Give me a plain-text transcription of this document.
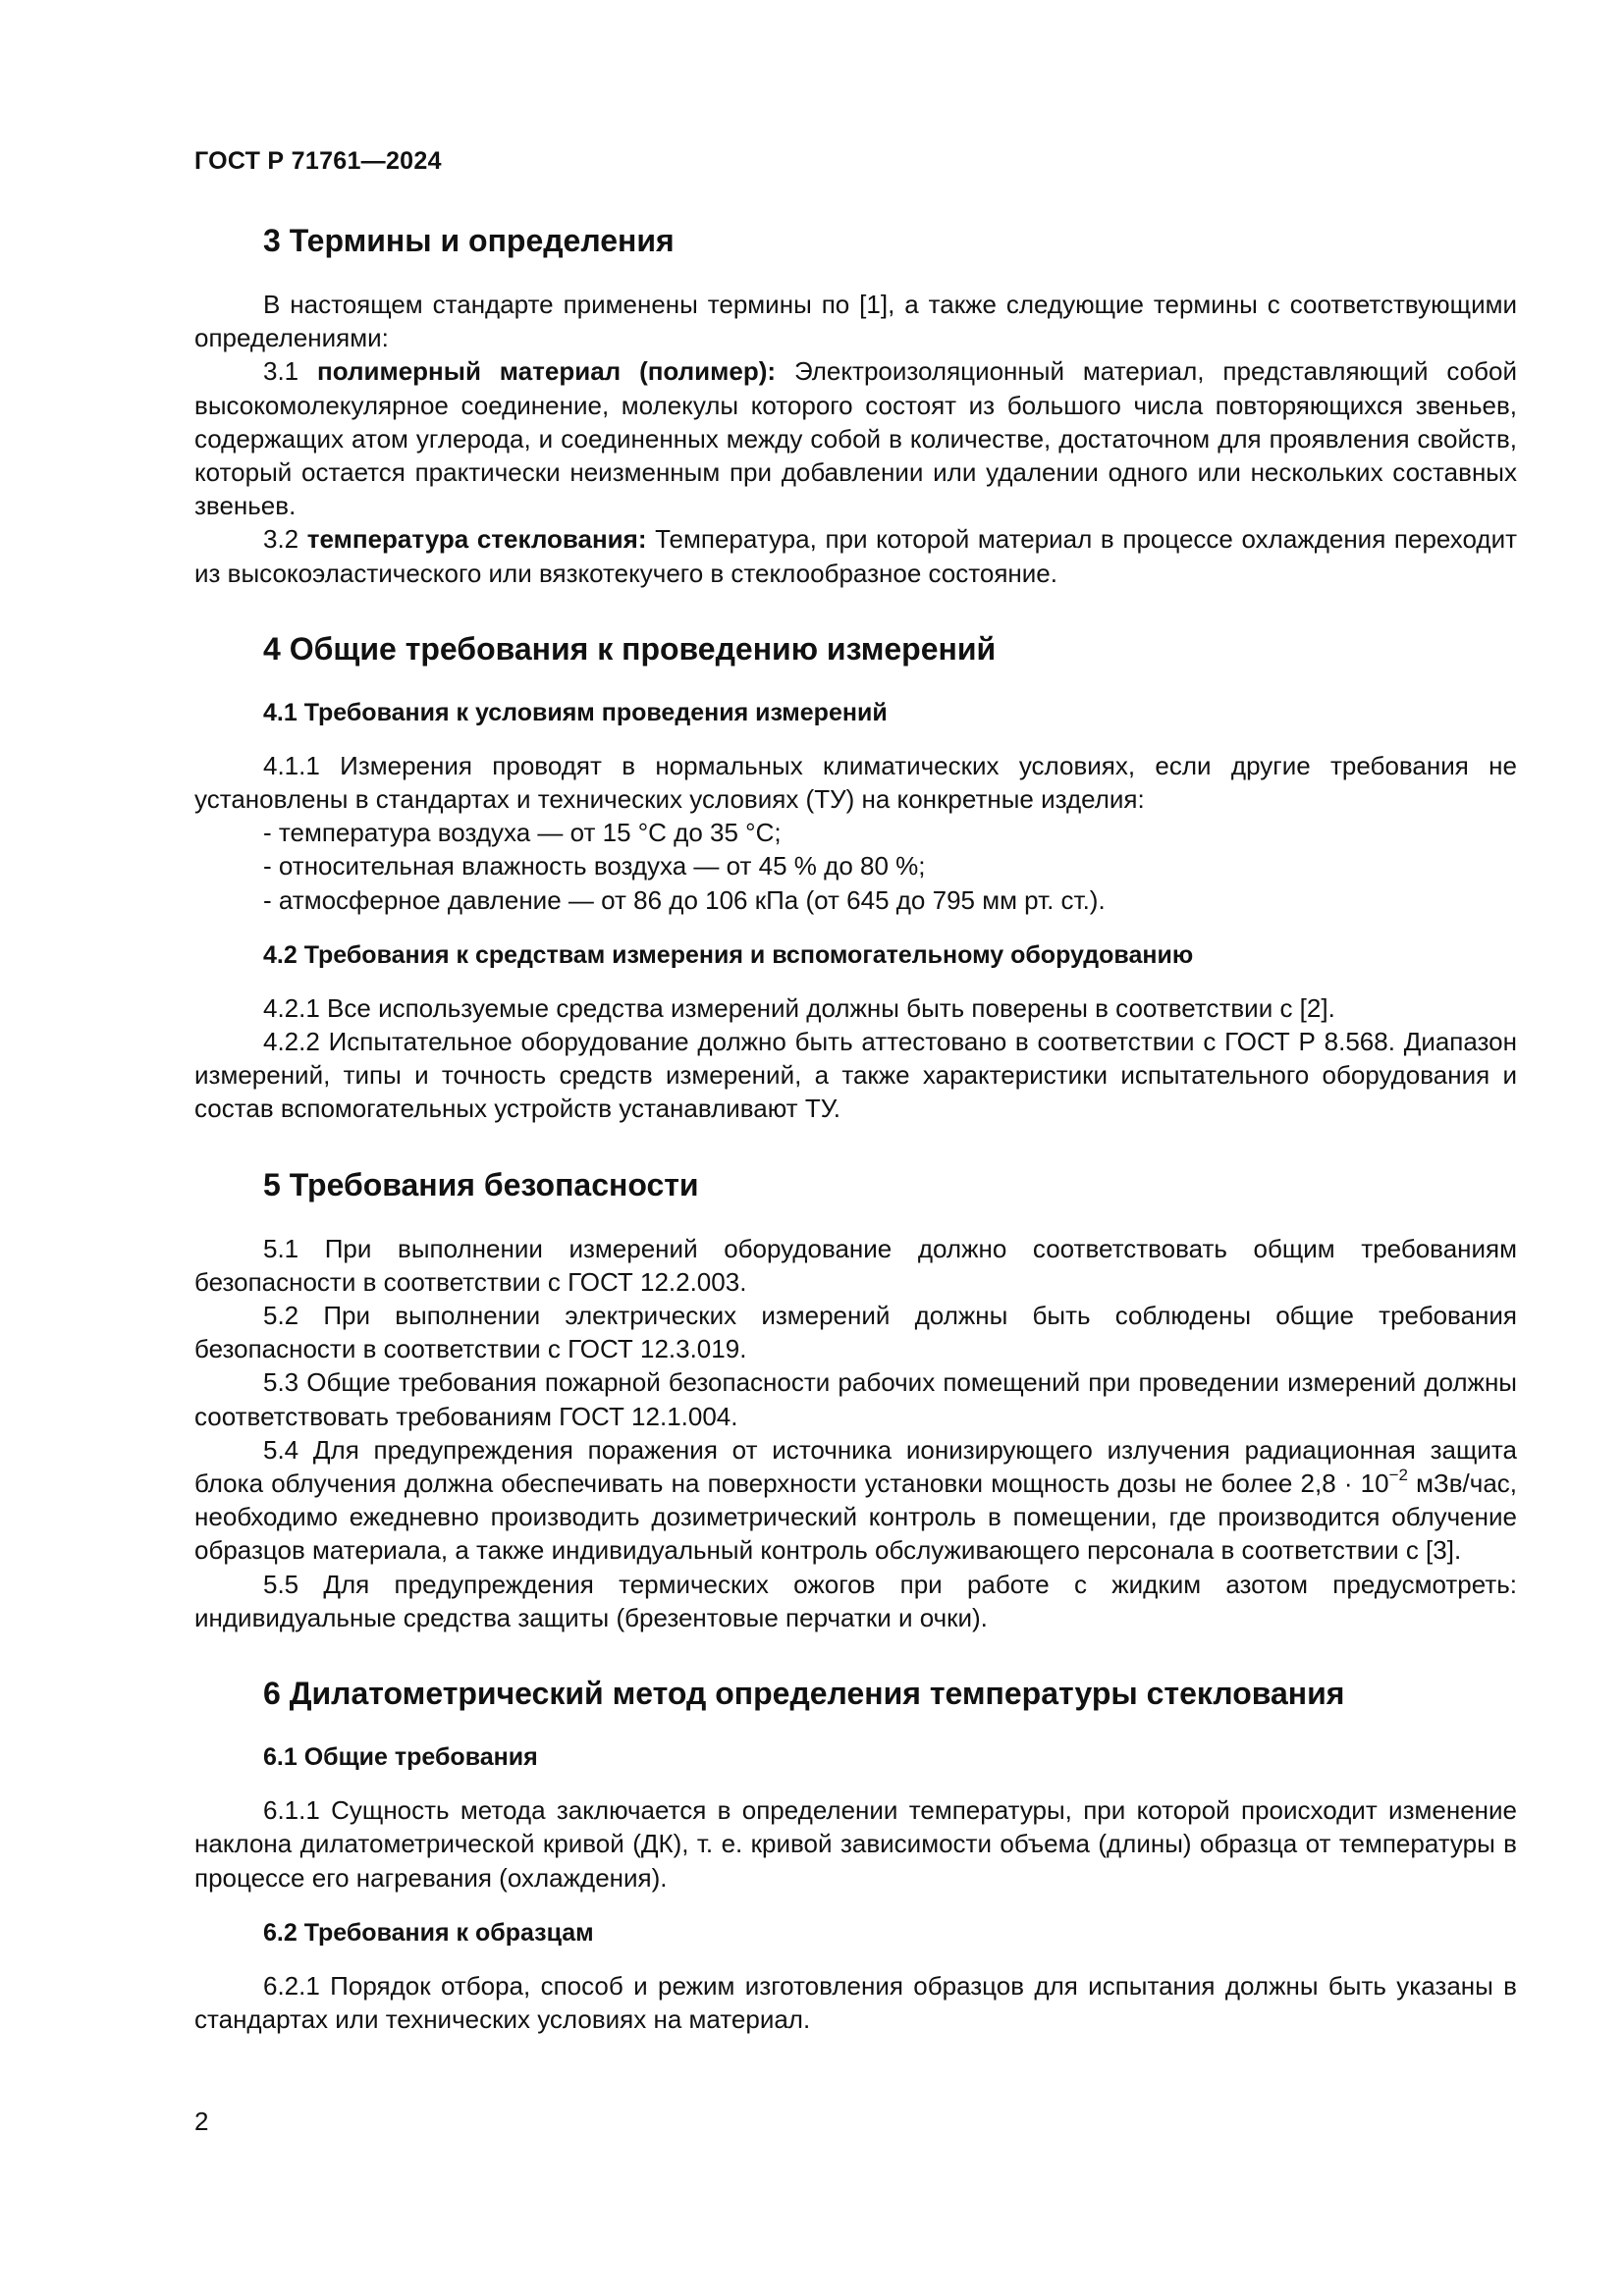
ГОСТ Р 71761—2024
3 Термины и определения

В настоящем стандарте применены термины по [1], а также следующие термины с соответствующими определениями:

3.1 полимерный материал (полимер): Электроизоляционный материал, представляющий собой высокомолекулярное соединение, молекулы которого состоят из большого числа повторяющихся звеньев, содержащих атом углерода, и соединенных между собой в количестве, достаточном для проявления свойств, который остается практически неизменным при добавлении или удалении одного или нескольких составных звеньев.

3.2 температура стеклования: Температура, при которой материал в процессе охлаждения переходит из высокоэластического или вязкотекучего в стеклообразное состояние.

4 Общие требования к проведению измерений
4.1 Требования к условиям проведения измерений

4.1.1 Измерения проводят в нормальных климатических условиях, если другие требования не установлены в стандартах и технических условиях (ТУ) на конкретные изделия:

- температура воздуха — от 15 °С до 35 °С;
- относительная влажность воздуха — от 45 % до 80 %;
- атмосферное давление — от 86 до 106 кПа (от 645 до 795 мм рт. ст.).
4.2 Требования к средствам измерения и вспомогательному оборудованию

4.2.1 Все используемые средства измерений должны быть поверены в соответствии с [2].

4.2.2 Испытательное оборудование должно быть аттестовано в соответствии с ГОСТ Р 8.568. Диапазон измерений, типы и точность средств измерений, а также характеристики испытательного оборудования и состав вспомогательных устройств устанавливают ТУ.

5 Требования безопасности

5.1 При выполнении измерений оборудование должно соответствовать общим требованиям безопасности в соответствии с ГОСТ 12.2.003.

5.2 При выполнении электрических измерений должны быть соблюдены общие требования безопасности в соответствии с ГОСТ 12.3.019.

5.3 Общие требования пожарной безопасности рабочих помещений при проведении измерений должны соответствовать требованиям ГОСТ 12.1.004.

5.4 Для предупреждения поражения от источника ионизирующего излучения радиационная защита блока облучения должна обеспечивать на поверхности установки мощность дозы не более $2,8 \cdot 10^{-2}$ мЗв/час, необходимо ежедневно производить дозиметрический контроль в помещении, где производится облучение образцов материала, а также индивидуальный контроль обслуживающего персонала в соответствии с [3].

5.5 Для предупреждения термических ожогов при работе с жидким азотом предусмотреть: индивидуальные средства защиты (брезентовые перчатки и очки).

6 Дилатометрический метод определения температуры стеклования
6.1 Общие требования

6.1.1 Сущность метода заключается в определении температуры, при которой происходит изменение наклона дилатометрической кривой (ДК), т. е. кривой зависимости объема (длины) образца от температуры в процессе его нагревания (охлаждения).

6.2 Требования к образцам

6.2.1 Порядок отбора, способ и режим изготовления образцов для испытания должны быть указаны в стандартах или технических условиях на материал.

2
